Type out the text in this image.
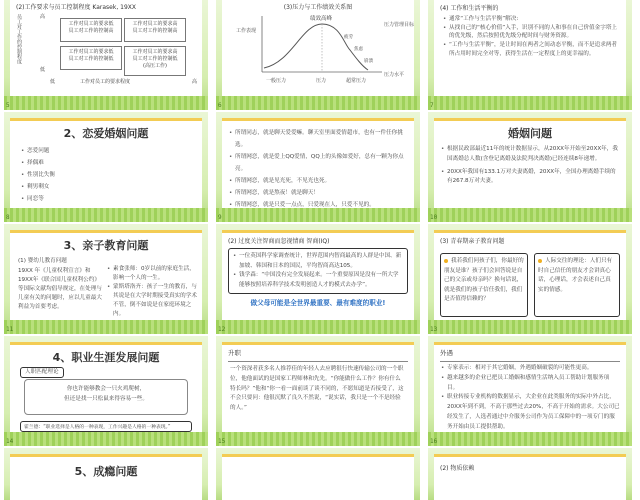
(2)工作要求与员工控制程度 Karasek, 19XX
员工对工作的控制程度	高
低
工作对员工的要求低
员工对工作的控制高
工作对员工的要求高
员工对工作的控制高
工作对员工的要求低
员工对工作的控制低
工作对员工的要求高
员工对工作的控制低
(高压工作)
低	工作对员工的要求程度	高
5
(3)压力与工作绩效关系图
工作表现
绩效高峰
压力管理目标
压力水平
疲劳
焦虑
崩溃
一般压力	压力	超常压力
6
(4) 工作和生活平衡的
• 通常“工作与生活平衡”解决:
• 从找自己的“核心价值”入手，识别不同的人和事在自己价值金字塔上的优先级，然后按照优先级分配时间与财务资源。
• “工作与生活平衡”，是让时间在两者之间动态平衡，而不是追求两者所占用时间完全对等，获得生活在一定程度上的更幸福的。
7
2、恋爱婚姻问题
• 恋爱问题
• 择偶难
• 性别比失衡
• 剩男剩女
• 同恋等
8
• 所谓同志，就是聊天爱爱嘛。聊天室里面爱情超市，也有一件任你挑选。
• 所谓网恋，就是爱上QQ爱情，QQ上的头像如爱好，总有一颗为你点亮。
• 所谓网恋，就是见光死，不见光也死。
• 所谓网恋，就是熬夜！就是聊天！
• 所谓网恋，就是只爱一点点，只爱现在人，只爱不见的。
•
9
婚姻问题
• 根据民政部最近11年的统计数据显示，从20XX年开始至20XX年，我国离婚总人数(含登记离婚及法院判决离婚)已经连续8年递增。
• 20XX年我国有133.1万对夫妻离婚，20XX年，全国办理离婚手续的有267.8万对夫妻。
10
3、亲子教育问题
(1) 婴幼儿教育问题
19XX 年《儿童权利宣言》和19XX年《联合国儿童权利公约》等国际文献均倡导规定，在处理与儿童有关的问题时，应以儿童最大利益为首要考虑。
• 素食张师：0岁以前的家庭生活，影响一个人的一生。
• 蒙斯塔洛齐：孩子一生的教育，与其说是在大学时期接受真实的学术不管，倒不如说是在家庭环境之内。
11
(2) 过度关注智商而忽视情商 智商(IQ)
• 一位英国科学家调查统计，世界范围内智商最高的人群是中国、新加坡、韩国和日本的国民，平均智商高达105。
• 钱学森：“中国没有完全发展起来。一个重要原因是没有一所大学能够按照培养科学技术发明创造人才的模式去办学”。
做父母可能是全世界最重要、最有难度的职业!
12
(3) 青春期亲子教育问题
我若我们问孩子们，你最好的朋友是谁？孩子们会回答说是自己的父亲或母亲吗？换句话说，就是我们的孩子信任我们，我们是否值得信赖的？
人际交往的理论：人们只有时自己信任的朋友才会讲真心话，心理话，才会表述自己真实的情感。
13
4、职业生涯发展问题
人职匹配理论
你也许能够教会一只火鸡爬树，
但还是找一只松鼠来得容易一些。
霍兰德：“职业选择是人格的一种表现，工作兴趣是人格的一种表现。”
14
升职
一个资深者获多名人推荐佳的年轻人去应聘很行快速传输公司的一个职位，他他面试的是国家工程师林和先先。“你能做什么工作？你有什么特长吗？”他和“你一看一面前谈了谈不同的，不愿知道是否接受了，这不会只要问：他很沉默了良久不然说，“说实话，我只是一个不是经验的人。”
15
外遇
• 专家表示：相对于其它婚姻，外遇婚姻破裂的可能性更高。
• 越来越多的企业已把员工婚姻和感情生活纳入员工帮助计划服务项目。
• 职业转接专业机构的数据显示，大企业在此类服务的实际中外占比，20XX年到不到，不高于那些过去20%，不高于开始的需求。大公司已经发生了，人选者通过中介服务公司作为员工保障中的一项专门的服务开始由员工提供帮助。
16
5、成瘾问题	(2) 物质依赖
